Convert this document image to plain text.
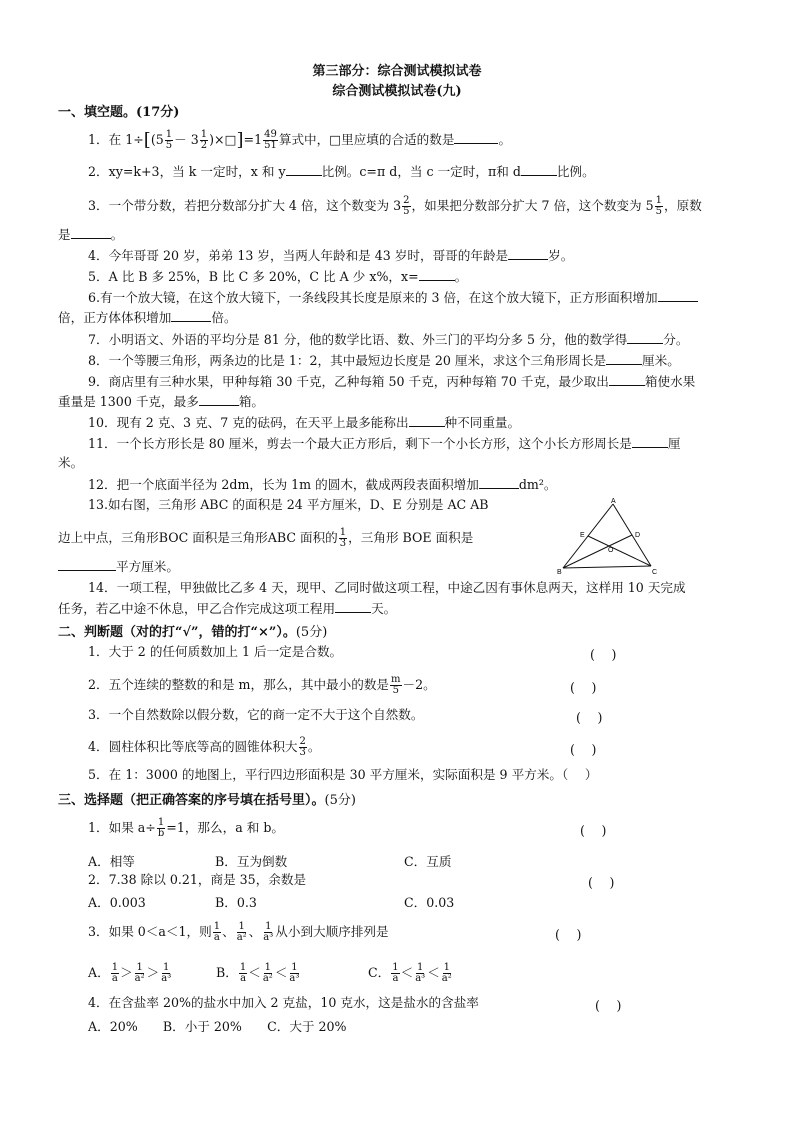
第三部分：综合测试模拟试卷
综合测试模拟试卷(九)
一、填空题。(17分)
1．在 $1\div[(5 \frac{1}{5} - 3 \frac{1}{2}$ )×□]=1 $\frac{49}{51}$ 算式中，□里应填的合适的数是	。
2．xy=k+3，当 k 一定时，x 和 y	比例。c=π d，当 c 一定时，π和 d	比例。
3．一个带分数，若把分数部分扩大 4 倍，这个数变为 $3 \frac{2}{5}$ ，如果把分数部分扩大 7 倍，这个数变为 $5 \frac{1}{5}$ ，原数
是	。
4．今年哥哥 20 岁，弟弟 13 岁，当两人年龄和是 43 岁时，哥哥的年龄是	岁。
5．A 比 B 多 25%，B 比 C 多 20%，C 比 A 少 x%，x=	。
6.有一个放大镜，在这个放大镜下，一条线段其长度是原来的 3 倍，在这个放大镜下，正方形面积增加
倍，正方体体积增加	倍。
7．小明语文、外语的平均分是 81 分，他的数学比语、数、外三门的平均分多 5 分，他的数学得	分。
8．一个等腰三角形，两条边的比是 1：2，其中最短边长度是 20 厘米，求这个三角形周长是	厘米。
9．商店里有三种水果，甲种每箱 30 千克，乙种每箱 50 千克，丙种每箱 70 千克，最少取出	箱使水果
重量是 1300 千克，最多	箱。
10．现有 2 克、3 克、7 克的砝码，在天平上最多能称出	种不同重量。
11．一个长方形长是 80 厘米，剪去一个最大正方形后，剩下一个小长方形，这个小长方形周长是	厘
米。
12．把一个底面半径为 2dm，长为 1m 的圆木，截成两段表面积增加	dm²。
13.如右图，三角形 ABC 的面积是 24 平方厘米，D、E 分别是 AC AB
边上中点，三角形BOC 面积是三角形ABC 面积的 $\frac{1}{3}$ ，三角形 BOE 面积是
平方厘米。
A
B	C
D
E
O
14．一项工程，甲独做比乙多 4 天，现甲、乙同时做这项工程，中途乙因有事休息两天，这样用 10 天完成
任务，若乙中途不休息，甲乙合作完成这项工程用	天。
二、判断题（对的打“√”，错的打“×”）。(5分)
1．大于 2 的任何质数加上 1 后一定是合数。	(　 )
2．五个连续的整数的和是 m，那么，其中最小的数是 $\frac{m}{5} -2$。	(　 )
3．一个自然数除以假分数，它的商一定不大于这个自然数。	(　 )
4．圆柱体积比等底等高的圆锥体积大 $\frac{2}{3}$ 。	(　 )
5．在 1：3000 的地图上，平行四边形面积是 30 平方厘米，实际面积是 9 平方米。（　 ）
三、选择题（把正确答案的序号填在括号里）。(5分)
1．如果 $a\div \frac{1}{b} =1$，那么，a 和 b。	(　 )
A．相等	B．互为倒数	C．互质
2．7.38 除以 0.21，商是 35，余数是	(　 )
A．0.003	B．0.3	C．0.03
3．如果 0＜a＜1，则 $\frac{1}{a}$ 、 $\frac{1}{\text{a²}}$ 、 $\frac{1}{\text{a³}}$ 从小到大顺序排列是	(　 )
A． $\frac{1}{a} > \frac{1}{\text{a²}} > \frac{1}{\text{a³}}$	B． $\frac{1}{a} < \frac{1}{\text{a²}} < \frac{1}{\text{a³}}$	C． $\frac{1}{a} < \frac{1}{\text{a³}} < \frac{1}{\text{a²}}$
4．在含盐率 20%的盐水中加入 2 克盐，10 克水，这是盐水的含盐率	(　 )
A．20%　　B．小于 20%　　C．大于 20%
